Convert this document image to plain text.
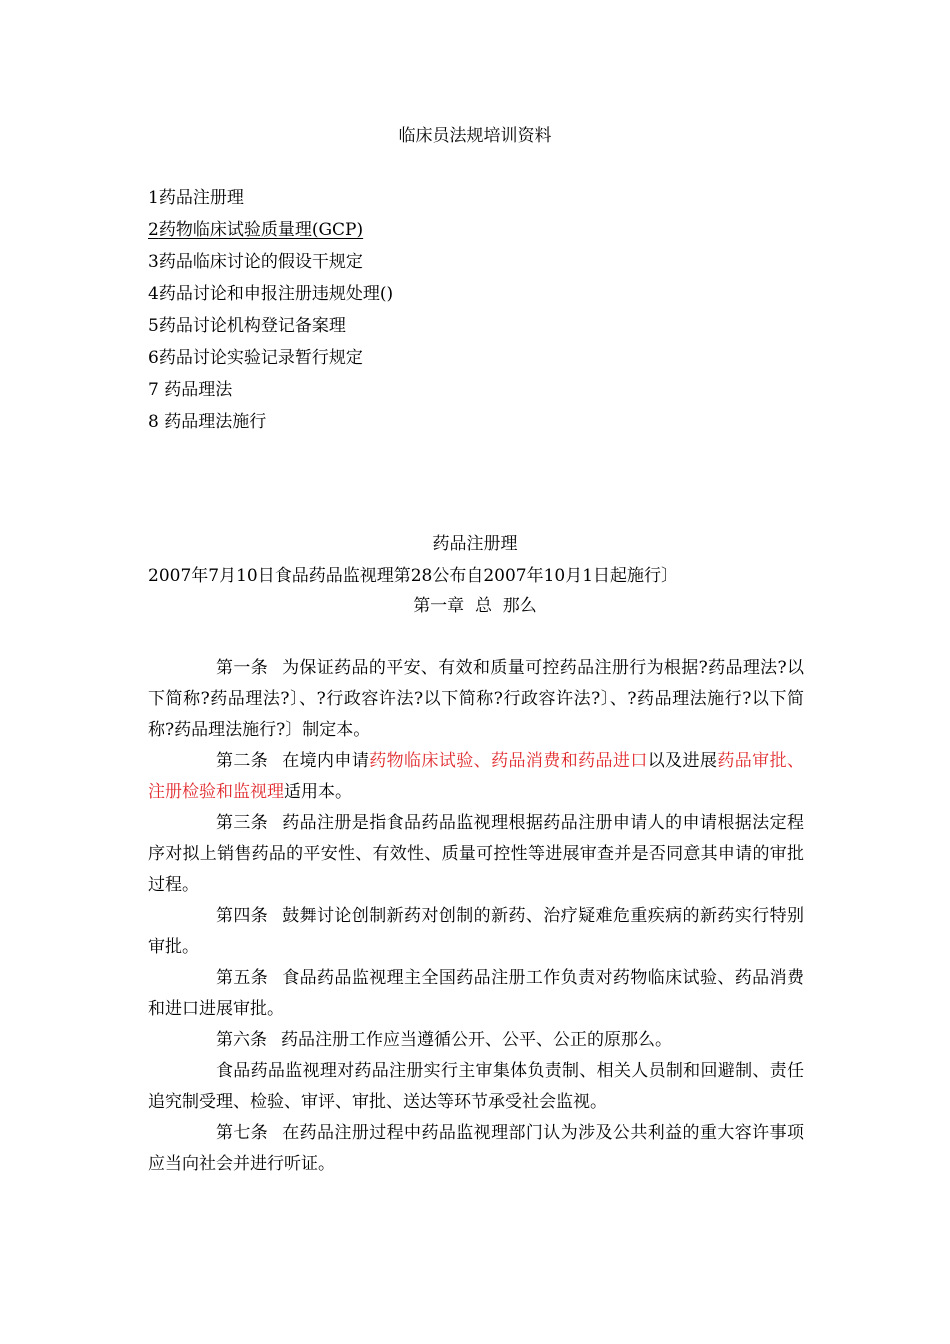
临床员法规培训资料
1药品注册理
2药物临床试验质量理(GCP)
3药品临床讨论的假设干规定
4药品讨论和申报注册违规处理()
5药品讨论机构登记备案理
6药品讨论实验记录暂行规定
7 药品理法
8 药品理法施行
药品注册理
2007年7月10日食品药品监视理第28公布自2007年10月1日起施行〕
第一章  总  那么

第一条 为保证药品的平安、有效和质量可控药品注册行为根据?药品理法?以下简称?药品理法?〕、?行政容许法?以下简称?行政容许法?〕、?药品理法施行?以下简称?药品理法施行?〕制定本。

第二条 在境内申请药物临床试验、药品消费和药品进口以及进展药品审批、注册检验和监视理适用本。

第三条 药品注册是指食品药品监视理根据药品注册申请人的申请根据法定程序对拟上销售药品的平安性、有效性、质量可控性等进展审查并是否同意其申请的审批过程。

第四条 鼓舞讨论创制新药对创制的新药、治疗疑难危重疾病的新药实行特别审批。

第五条 食品药品监视理主全国药品注册工作负责对药物临床试验、药品消费和进口进展审批。

第六条 药品注册工作应当遵循公开、公平、公正的原那么。

食品药品监视理对药品注册实行主审集体负责制、相关人员制和回避制、责任追究制受理、检验、审评、审批、送达等环节承受社会监视。

第七条 在药品注册过程中药品监视理部门认为涉及公共利益的重大容许事项应当向社会并进行听证。
